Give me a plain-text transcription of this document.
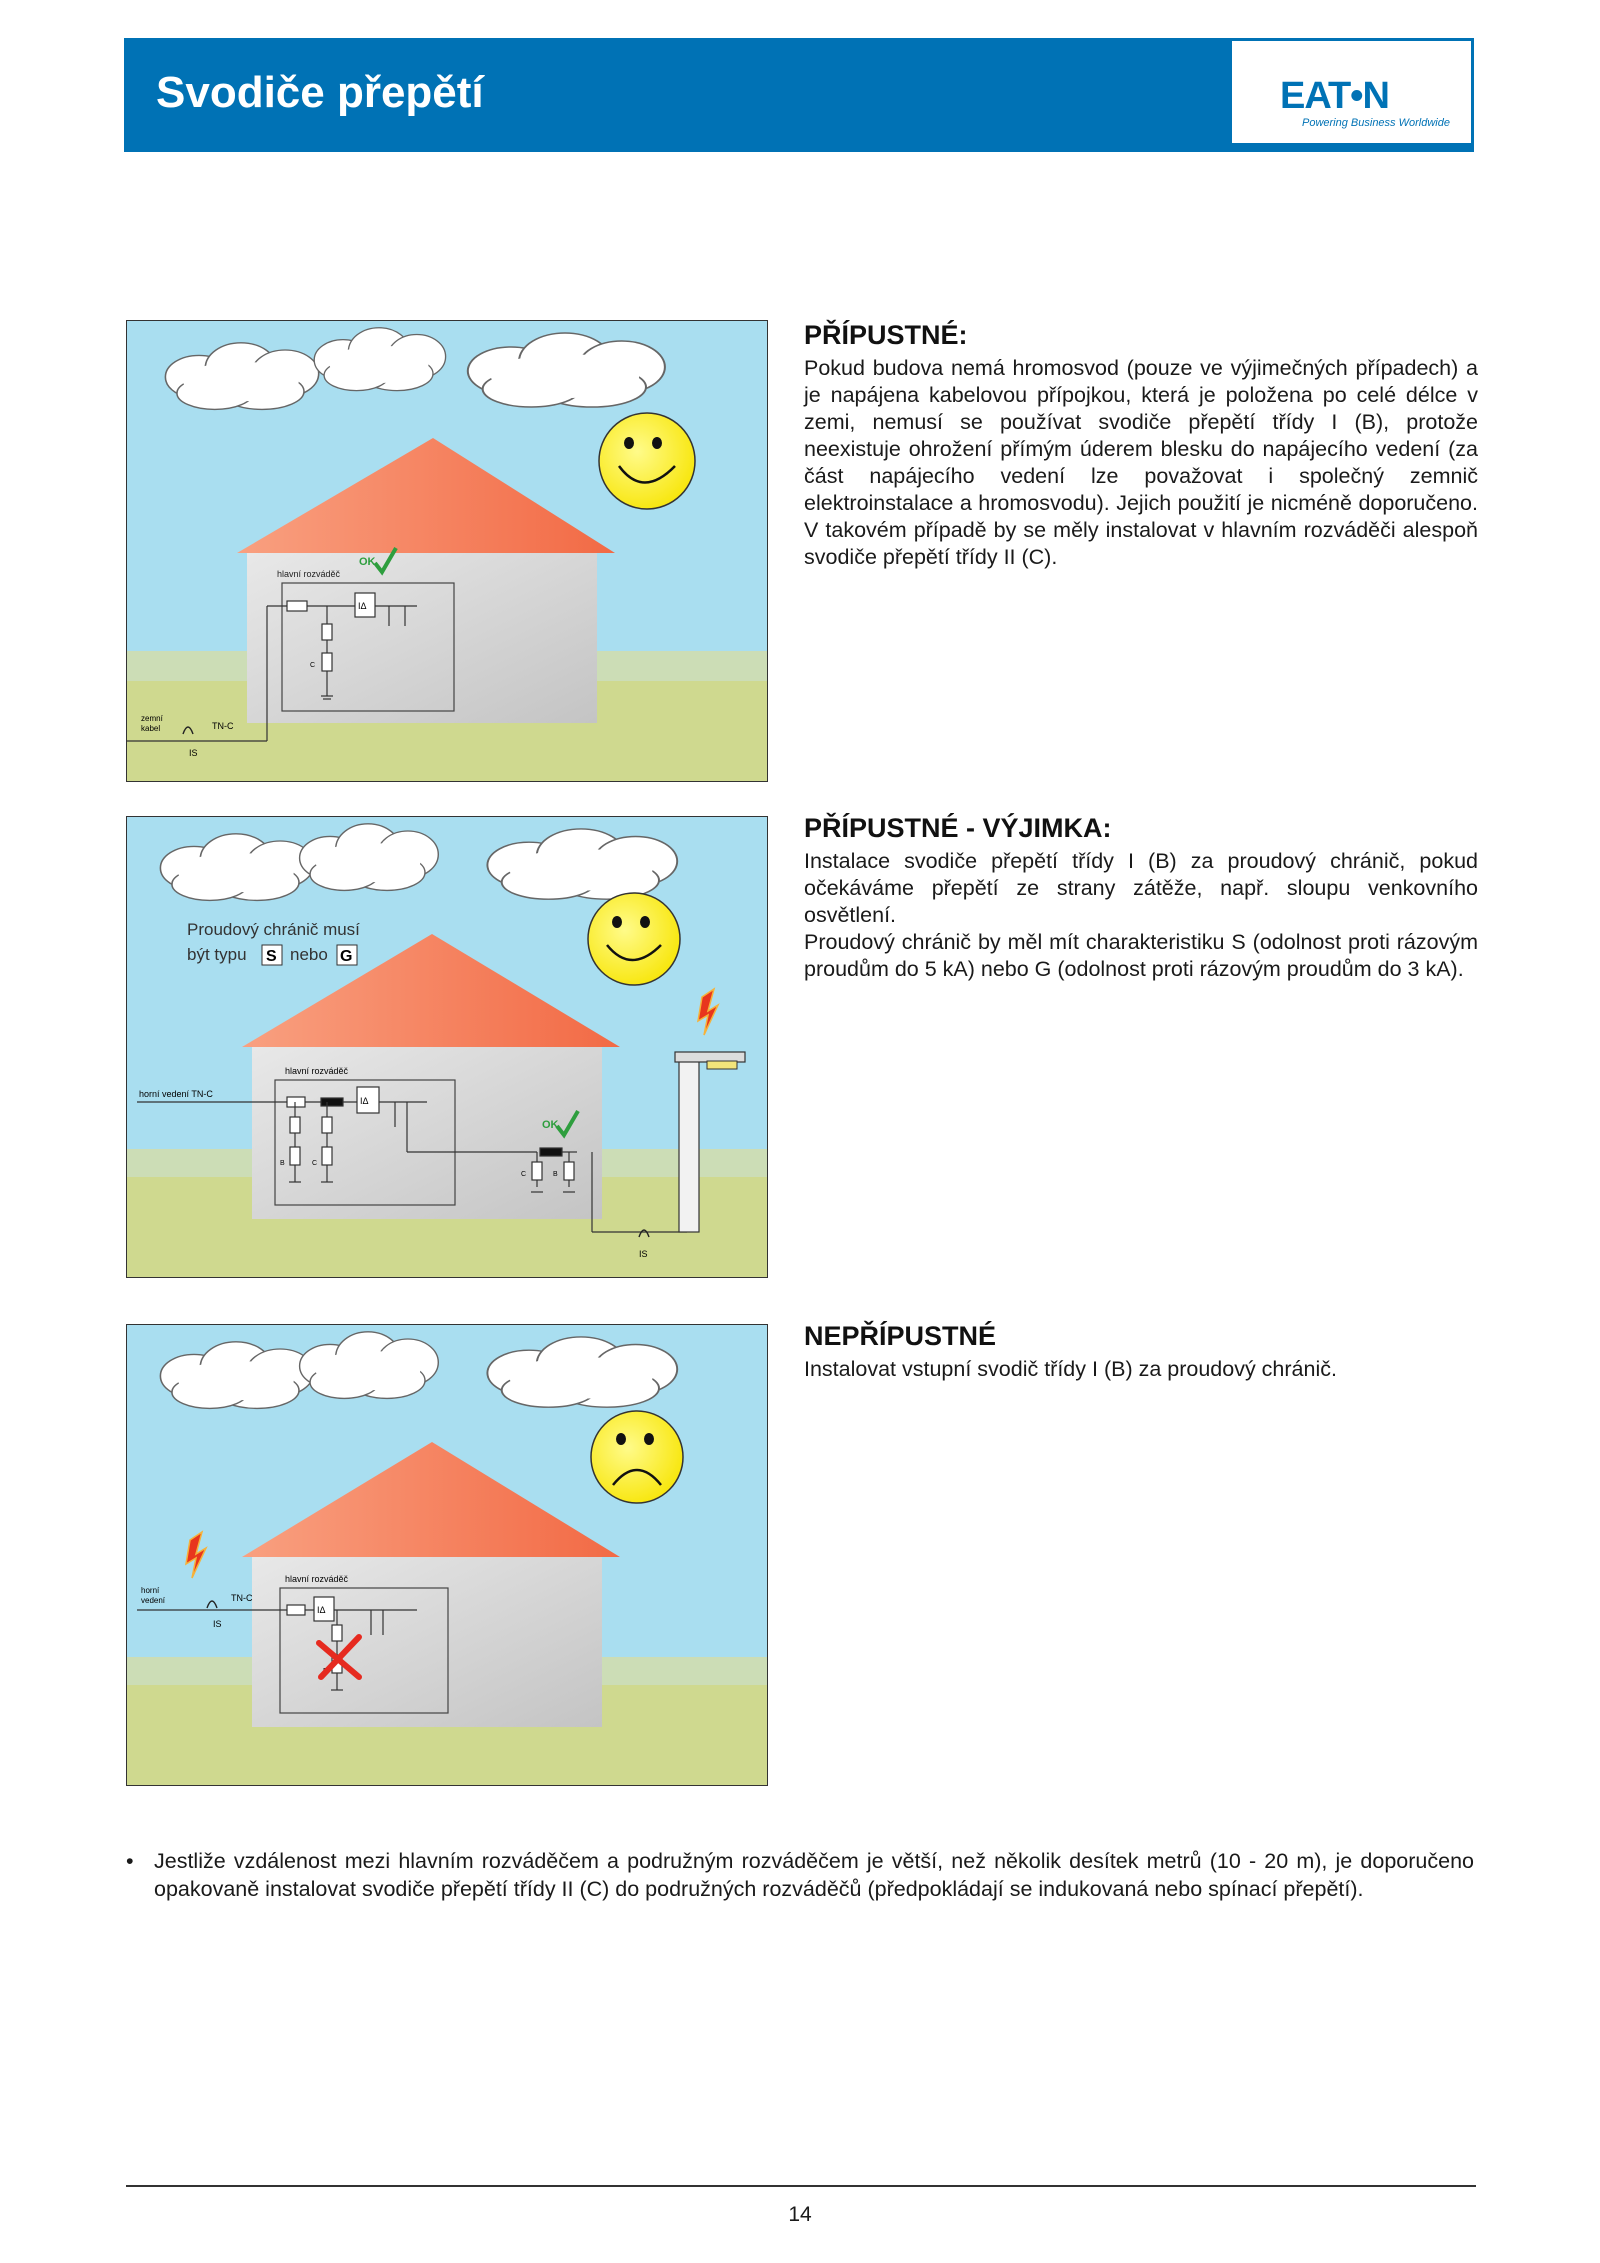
Svodiče přepětí	EAT•N
Powering Business Worldwide
hlavní rozváděč
OK
IΔ
C
zemní
kabel	TN-C
IS
PŘÍPUSTNÉ:

Pokud budova nemá hromosvod (pouze ve výjimečných případech) a je napájena kabelovou přípojkou, která je položena po celé délce v zemi, nemusí se používat svodiče přepětí třídy I (B), protože neexistuje ohrožení přímým úderem blesku do napájecího vedení (za část napájecího vedení lze považovat i společný zemnič elektroinstalace a hromosvodu). Jejich použití je nicméně doporučeno. V takovém případě by se měly instalovat v hlavním rozváděči alespoň svodiče přepětí třídy II (C).

Proudový chránič musí
být typu S nebo G
hlavní rozváděč
horní vedení TN-C
IΔ
B	C
C	B
OK
IS
PŘÍPUSTNÉ - VÝJIMKA:

Instalace svodiče přepětí třídy I (B) za proudový chránič, pokud očekáváme přepětí ze strany zátěže, např. sloupu venkovního osvětlení.

Proudový chránič by měl mít charakteristiku S (odolnost proti rázovým proudům do 5 kA) nebo G (odolnost proti rázovým proudům do 3 kA).

hlavní rozváděč
horní
vedení	TN-C
IΔ
IS
NEPŘÍPUSTNÉ

Instalovat vstupní svodič třídy I (B) za proudový chránič.

• Jestliže vzdálenost mezi hlavním rozváděčem a podružným rozváděčem je větší, než několik desítek metrů (10 - 20 m), je doporučeno opakovaně instalovat svodiče přepětí třídy II (C) do podružných rozváděčů (předpokládají se indukovaná nebo spínací přepětí).
14
